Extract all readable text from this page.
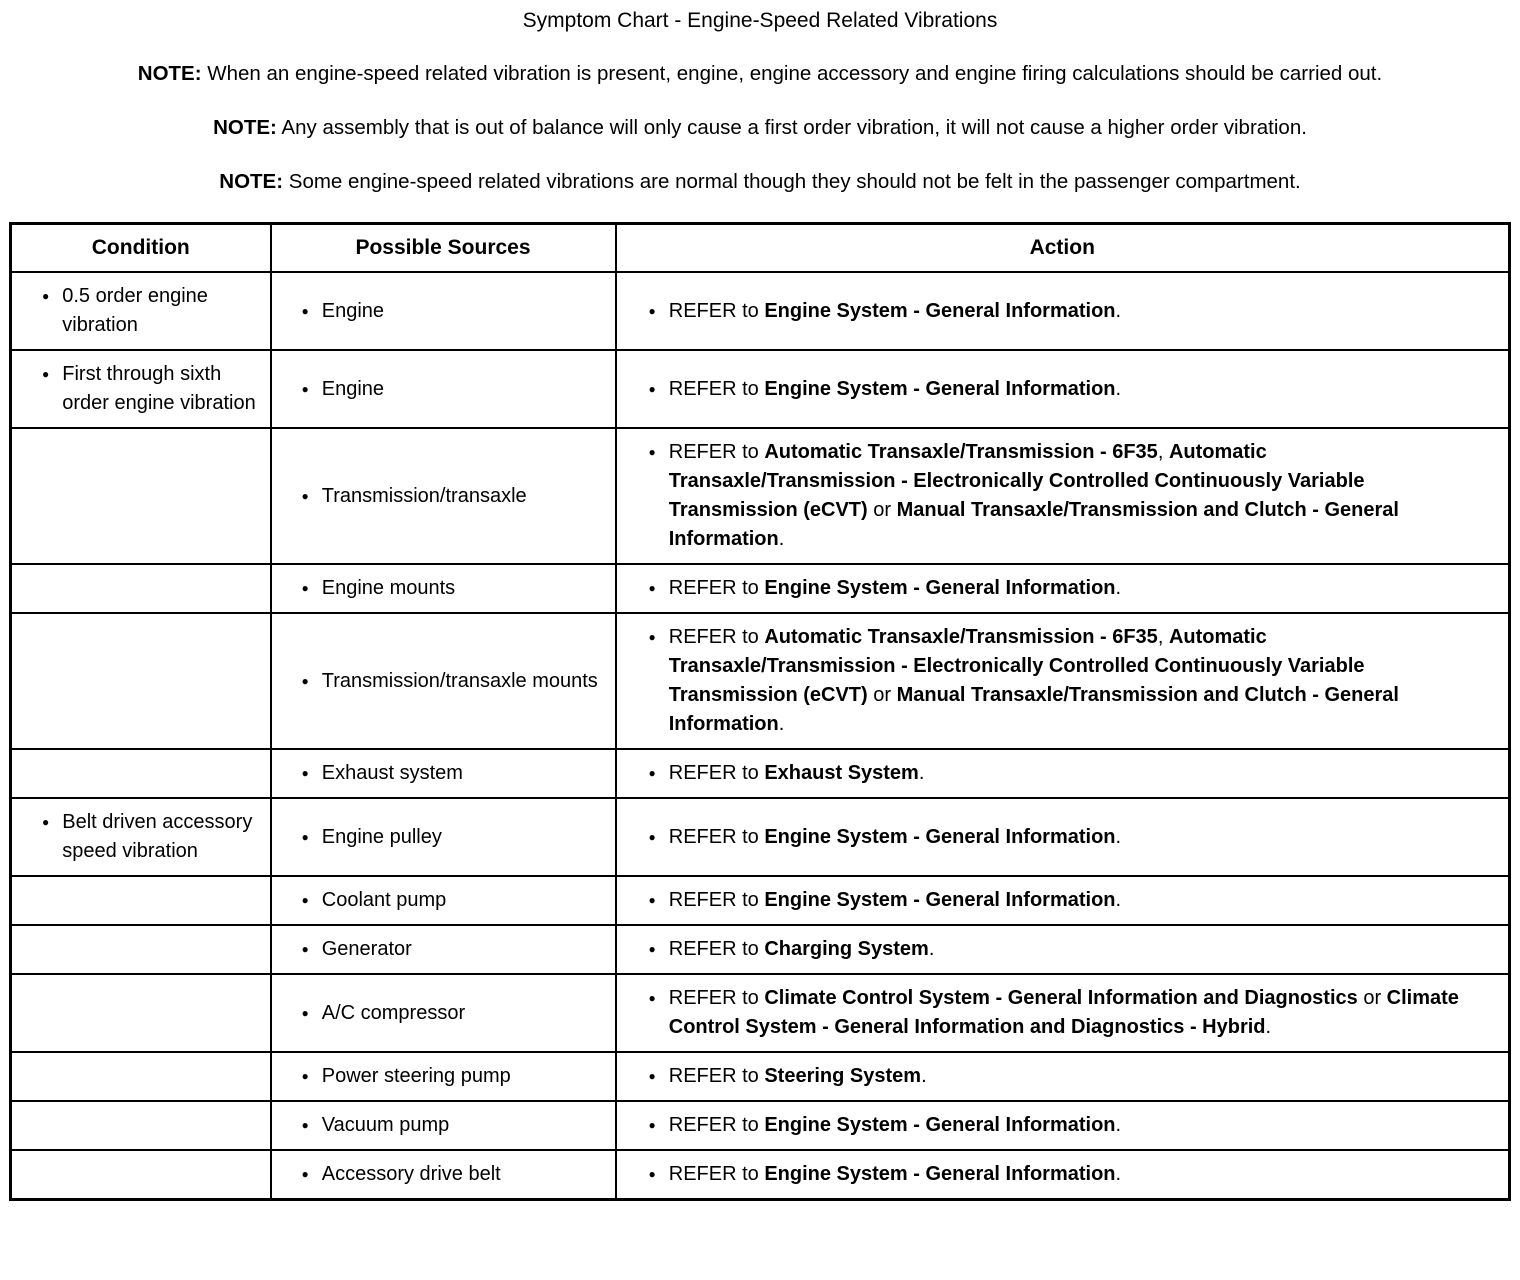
Symptom Chart - Engine-Speed Related Vibrations

NOTE: When an engine-speed related vibration is present, engine, engine accessory and engine firing calculations should be carried out.

NOTE: Any assembly that is out of balance will only cause a first order vibration, it will not cause a higher order vibration.

NOTE: Some engine-speed related vibrations are normal though they should not be felt in the passenger compartment.

Condition	Possible Sources	Action

● 0.5 order engine vibration	● Engine	● REFER to Engine System - General Information.

● First through sixth order engine vibration	● Engine	● REFER to Engine System - General Information.

	● Transmission/transaxle	● REFER to Automatic Transaxle/Transmission - 6F35, Automatic Transaxle/Transmission - Electronically Controlled Continuously Variable Transmission (eCVT) or Manual Transaxle/Transmission and Clutch - General Information.

	● Engine mounts	● REFER to Engine System - General Information.

	● Transmission/transaxle mounts	● REFER to Automatic Transaxle/Transmission - 6F35, Automatic Transaxle/Transmission - Electronically Controlled Continuously Variable Transmission (eCVT) or Manual Transaxle/Transmission and Clutch - General Information.

	● Exhaust system	● REFER to Exhaust System.

● Belt driven accessory speed vibration	● Engine pulley	● REFER to Engine System - General Information.

	● Coolant pump	● REFER to Engine System - General Information.

	● Generator	● REFER to Charging System.

	● A/C compressor	● REFER to Climate Control System - General Information and Diagnostics or Climate Control System - General Information and Diagnostics - Hybrid.

	● Power steering pump	● REFER to Steering System.

	● Vacuum pump	● REFER to Engine System - General Information.

	● Accessory drive belt	● REFER to Engine System - General Information.
